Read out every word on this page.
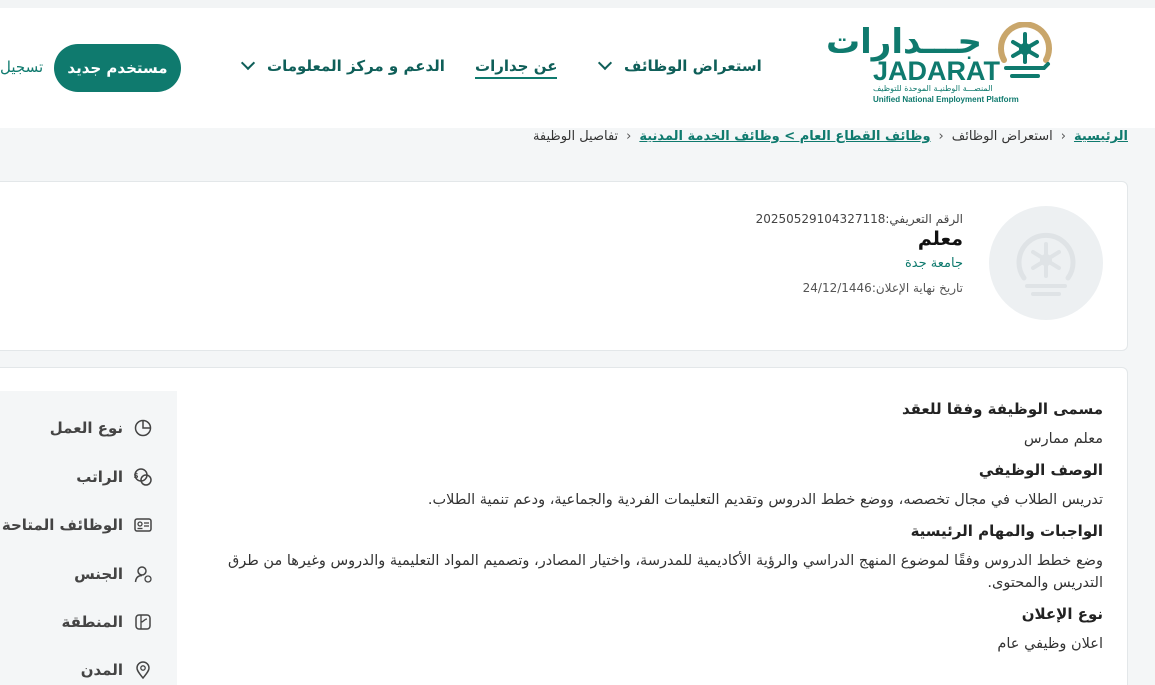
جـــدارات
JADARAT
المنصـــة الوطنيـة الموحدة للتوظيف
Unified National Employment Platform
استعراض الوظائف
عن جدارات
الدعم و مركز المعلومات
مستخدم جديد
تسجيل
الرئيسية‹استعراض الوظائف‹وظائف القطاع العام > وظائف الخدمة المدنية‹تفاصيل الوظيفة
الرقم التعريفي:20250529104327118
معلم
جامعة جدة
تاريخ نهاية الإعلان:24/12/1446
نوع العمل
$
الراتب
الوظائف المتاحة
الجنس
المنطقة
المدن
مسمى الوظيفة وفقا للعقد
معلم ممارس
الوصف الوظيفي
تدريس الطلاب في مجال تخصصه، ووضع خطط الدروس وتقديم التعليمات الفردية والجماعية، ودعم تنمية الطلاب.
الواجبات والمهام الرئيسية
وضع خطط الدروس وفقًا لموضوع المنهج الدراسي والرؤية الأكاديمية للمدرسة، واختيار المصادر، وتصميم المواد التعليمية والدروس وغيرها من طرق التدريس والمحتوى.
نوع الإعلان
اعلان وظيفي عام
